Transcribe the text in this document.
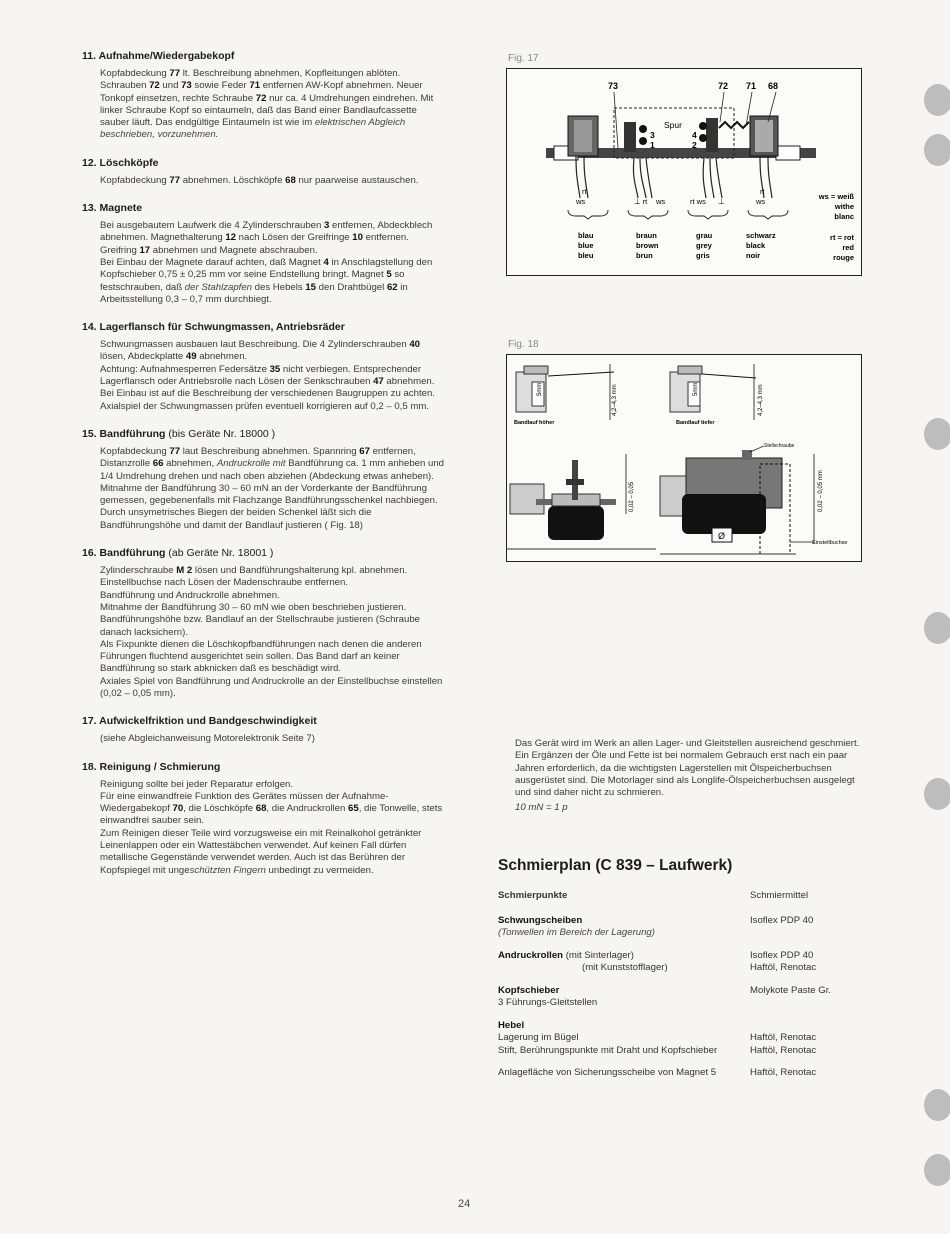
11. Aufnahme/Wiedergabekopf

Kopfabdeckung 77 lt. Beschreibung abnehmen, Kopfleitungen ablöten. Schrauben 72 und 73 sowie Feder 71 entfernen AW-Kopf abnehmen. Neuer Tonkopf einsetzen, rechte Schraube 72 nur ca. 4 Umdrehungen eindrehen. Mit linker Schraube Kopf so eintaumeln, daß das Band einer Bandlaufcassette sauber läuft. Das endgültige Eintaumeln ist wie im elektrischen Abgleich beschrieben, vorzunehmen.

12. Löschköpfe

Kopfabdeckung 77 abnehmen. Löschköpfe 68 nur paarweise austauschen.

13. Magnete

Bei ausgebautem Laufwerk die 4 Zylinderschrauben 3 entfernen, Abdeckblech abnehmen. Magnethalterung 12 nach Lösen der Greifringe 10 entfernen. Greifring 17 abnehmen und Magnete abschrauben.

Bei Einbau der Magnete darauf achten, daß Magnet 4 in Anschlagstellung den Kopfschieber 0,75 ± 0,25 mm vor seine Endstellung bringt. Magnet 5 so festschrauben, daß der Stahlzapfen des Hebels 15 den Drahtbügel 62 in Arbeitsstellung 0,3 – 0,7 mm durchbiegt.

14. Lagerflansch für Schwungmassen, Antriebsräder

Schwungmassen ausbauen laut Beschreibung. Die 4 Zylinderschrauben 40 lösen, Abdeckplatte 49 abnehmen.

Achtung: Aufnahmesperren Federsätze 35 nicht verbiegen. Entsprechender Lagerflansch oder Antriebsrolle nach Lösen der Senkschrauben 47 abnehmen.

Bei Einbau ist auf die Beschreibung der verschiedenen Baugruppen zu achten. Axialspiel der Schwungmassen prüfen eventuell korrigieren auf 0,2 – 0,5 mm.

15. Bandführung (bis Geräte Nr. 18000 )

Kopfabdeckung 77 laut Beschreibung abnehmen. Spannring 67 entfernen, Distanzrolle 66 abnehmen, Andruckrolle mit Bandführung ca. 1 mm anheben und 1/4 Umdrehung drehen und nach oben abziehen (Abdeckung etwas anheben).

Mitnahme der Bandführung 30 – 60 mN an der Vorderkante der Bandführung gemessen, gegebenenfalls mit Flachzange Bandführungsschenkel nachbiegen. Durch unsymetrisches Biegen der beiden Schenkel läßt sich die Bandführungshöhe und damit der Bandlauf justieren ( Fig. 18)

16. Bandführung (ab Geräte Nr. 18001 )

Zylinderschraube M 2 lösen und Bandführungshalterung kpl. abnehmen. Einstellbuchse nach Lösen der Madenschraube entfernen.

Bandführung und Andruckrolle abnehmen.

Mitnahme der Bandführung 30 – 60 mN wie oben beschrieben justieren.

Bandführungshöhe bzw. Bandlauf an der Stellschraube justieren (Schraube danach lacksichern).

Als Fixpunkte dienen die Löschkopfbandführungen nach denen die anderen Führungen fluchtend ausgerichtet sein sollen. Das Band darf an keiner Bandführung so stark abknicken daß es beschädigt wird.

Axiales Spiel von Bandführung und Andruckrolle an der Einstellbuchse einstellen (0,02 – 0,05 mm).

17. Aufwickelfriktion und Bandgeschwindigkeit

(siehe Abgleichanweisung Motorelektronik Seite 7)

18. Reinigung / Schmierung

Reinigung sollte bei jeder Reparatur erfolgen.

Für eine einwandfreie Funktion des Gerätes müssen der Aufnahme-Wiedergabekopf 70, die Löschköpfe 68, die Andruckrollen 65, die Tonwelle, stets einwandfrei sauber sein.

Zum Reinigen dieser Teile wird vorzugsweise ein mit Reinalkohol getränkter Leinenlappen oder ein Wattestäbchen verwendet. Auf keinen Fall dürfen metallische Gegenstände verwendet werden. Auch ist das Berühren der Kopfspiegel mit ungeschützten Fingern unbedingt zu vermeiden.

Fig. 17
73	72 71 68
Spur
3
1
4
2
rt
ws	⊥ rt ws	rt ws ⊥
rt
ws
blau
blue
bleu
braun
brown
brun
grau
grey
gris
schwarz
black
noir
ws = weiß
withe
blanc
rt = rot
red
rouge
Fig. 18
5mm	4,2–4,3 mm
Bandlauf höher
5mm	4,2–4,3 mm
Bandlauf tiefer
0,02 – 0,05
Ø
Stellschraube
0,02 – 0,05 mm
Einstellbuchse

Das Gerät wird im Werk an allen Lager- und Gleitstellen ausreichend geschmiert. Ein Ergänzen der Öle und Fette ist bei normalem Gebrauch erst nach ein paar Jahren erforderlich, da die wichtigsten Lagerstellen mit Ölspeicherbuchsen ausgerüstet sind. Die Motorlager sind als Longlife-Ölspeicherbuchsen ausgelegt und sind daher nicht zu schmieren.

10 mN = 1 p

Schmierplan (C 839 – Laufwerk)
Schmierpunkte	Schmiermittel
Schwungscheiben	Isoflex PDP 40
(Tonwellen im Bereich der Lagerung)	
Andruckrollen (mit Sinterlager)	Isoflex PDP 40
(mit Kunststofflager)	Haftöl, Renotac
Kopfschieber	Molykote Paste Gr.
3 Führungs-Gleitstellen	
Hebel	
Lagerung im Bügel	Haftöl, Renotac
Stift, Berührungspunkte mit Draht und Kopfschieber	Haftöl, Renotac
Anlagefläche von Sicherungsscheibe von Magnet 5	Haftöl, Renotac
24
